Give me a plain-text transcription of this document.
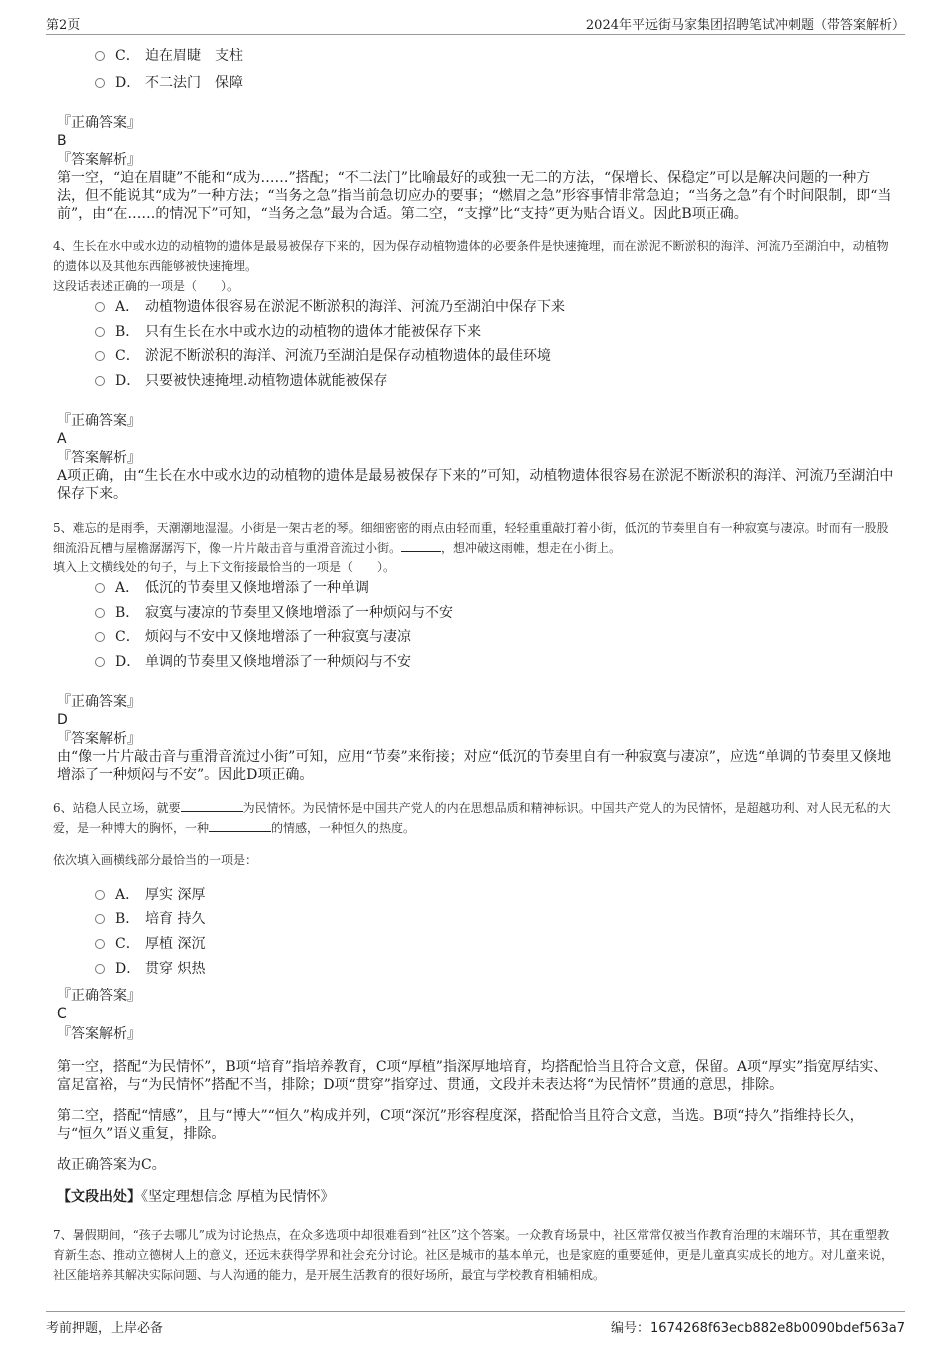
第2页	2024年平远街马家集团招聘笔试冲刺题（带答案解析）
C． 迫在眉睫 支柱
D． 不二法门 保障
『正确答案』
B
『答案解析』
第一空，“迫在眉睫”不能和“成为……”搭配；“不二法门”比喻最好的或独一无二的方法，“保增长、保稳定”可以是解决问题的一种方法，但不能说其“成为”一种方法；“当务之急”指当前急切应办的要事；“燃眉之急”形容事情非常急迫；“当务之急”有个时间限制，即“当前”，由“在……的情况下”可知，“当务之急”最为合适。第二空，“支撑”比“支持”更为贴合语义。因此B项正确。
4、生长在水中或水边的动植物的遗体是最易被保存下来的，因为保存动植物遗体的必要条件是快速掩埋，而在淤泥不断淤积的海洋、河流乃至湖泊中，动植物的遗体以及其他东西能够被快速掩埋。
这段话表述正确的一项是（　　）。
A． 动植物遗体很容易在淤泥不断淤积的海洋、河流乃至湖泊中保存下来
B． 只有生长在水中或水边的动植物的遗体才能被保存下来
C． 淤泥不断淤积的海洋、河流乃至湖泊是保存动植物遗体的最佳环境
D． 只要被快速掩埋.动植物遗体就能被保存
『正确答案』
A
『答案解析』
A项正确，由“生长在水中或水边的动植物的遗体是最易被保存下来的”可知，动植物遗体很容易在淤泥不断淤积的海洋、河流乃至湖泊中保存下来。
5、难忘的是雨季，天潮潮地湿湿。小街是一架古老的琴。细细密密的雨点由轻而重，轻轻重重敲打着小街，低沉的节奏里自有一种寂寞与凄凉。时而有一股股细流沿瓦槽与屋檐潺潺泻下，像一片片敲击音与重滑音流过小街。	，想冲破这雨帷，想走在小街上。
填入上文横线处的句子，与上下文衔接最恰当的一项是（　　）。
A． 低沉的节奏里又倏地增添了一种单调
B． 寂寞与凄凉的节奏里又倏地增添了一种烦闷与不安
C． 烦闷与不安中又倏地增添了一种寂寞与凄凉
D． 单调的节奏里又倏地增添了一种烦闷与不安
『正确答案』
D
『答案解析』
由“像一片片敲击音与重滑音流过小街”可知，应用“节奏”来衔接；对应“低沉的节奏里自有一种寂寞与凄凉”，应选“单调的节奏里又倏地增添了一种烦闷与不安”。因此D项正确。
6、站稳人民立场，就要	为民情怀。为民情怀是中国共产党人的内在思想品质和精神标识。中国共产党人的为民情怀，是超越功利、对人民无私的大爱，是一种博大的胸怀，一种	的情感，一种恒久的热度。
依次填入画横线部分最恰当的一项是：
A． 厚实 深厚
B． 培育 持久
C． 厚植 深沉
D． 贯穿 炽热
『正确答案』
C
『答案解析』
第一空，搭配“为民情怀”，B项“培育”指培养教育，C项“厚植”指深厚地培育，均搭配恰当且符合文意，保留。A项“厚实”指宽厚结实、富足富裕，与“为民情怀”搭配不当，排除；D项“贯穿”指穿过、贯通，文段并未表达将“为民情怀”贯通的意思，排除。
第二空，搭配“情感”，且与“博大”“恒久”构成并列，C项“深沉”形容程度深，搭配恰当且符合文意，当选。B项“持久”指维持长久，与“恒久”语义重复，排除。
故正确答案为C。
【文段出处】《坚定理想信念 厚植为民情怀》
7、暑假期间，“孩子去哪儿”成为讨论热点，在众多选项中却很难看到“社区”这个答案。一众教育场景中，社区常常仅被当作教育治理的末端环节，其在重塑教育新生态、推动立德树人上的意义，还远未获得学界和社会充分讨论。社区是城市的基本单元，也是家庭的重要延伸，更是儿童真实成长的地方。对儿童来说，社区能培养其解决实际问题、与人沟通的能力，是开展生活教育的很好场所，最宜与学校教育相辅相成。
考前押题，上岸必备	编号：1674268f63ecb882e8b0090bdef563a7
